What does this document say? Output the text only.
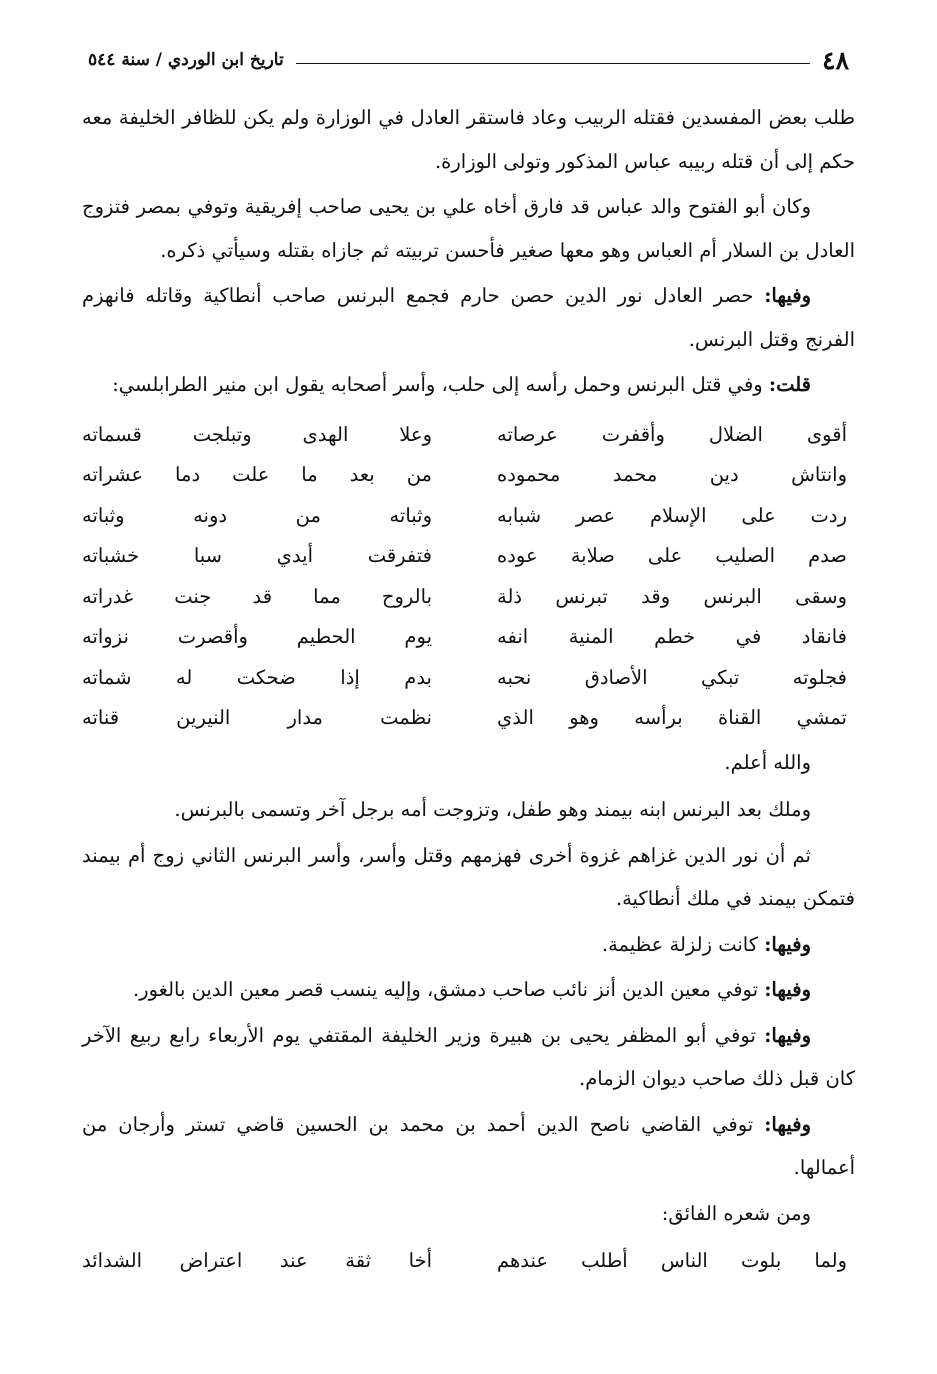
٤٨
تاريخ ابن الوردي / سنة ٥٤٤

طلب بعض المفسدين فقتله الربيب وعاد فاستقر العادل في الوزارة ولم يكن للظافر الخليفة معه حكم إلى أن قتله ربيبه عباس المذكور وتولى الوزارة.

وكان أبو الفتوح والد عباس قد فارق أخاه علي بن يحيى صاحب إفريقية وتوفي بمصر فتزوج العادل بن السلار أم العباس وهو معها صغير فأحسن تربيته ثم جازاه بقتله وسيأتي ذكره.

وفيها: حصر العادل نور الدين حصن حارم فجمع البرنس صاحب أنطاكية وقاتله فانهزم الفرنج وقتل البرنس.

قلت: وفي قتل البرنس وحمل رأسه إلى حلب، وأسر أصحابه يقول ابن منير الطرابلسي:

أقوى الضلال وأقفرت عرصاته
وعلا الهدى وتبلجت قسماته
وانتاش دين محمد محموده
من بعد ما علت دما عشراته
ردت على الإسلام عصر شبابه
وثباته من دونه وثباته
صدم الصليب على صلابة عوده
فتفرقت أيدي سبا خشباته
وسقى البرنس وقد تبرنس ذلة
بالروح مما قد جنت غدراته
فانقاد في خطم المنية انفه
يوم الحطيم وأقصرت نزواته
فجلوته تبكي الأصادق نحبه
بدم إذا ضحكت له شماته
تمشي القناة برأسه وهو الذي
نظمت مدار النيرين قناته

والله أعلم.

وملك بعد البرنس ابنه بيمند وهو طفل، وتزوجت أمه برجل آخر وتسمى بالبرنس.

ثم أن نور الدين غزاهم غزوة أخرى فهزمهم وقتل وأسر، وأسر البرنس الثاني زوج أم بيمند فتمكن بيمند في ملك أنطاكية.

وفيها: كانت زلزلة عظيمة.

وفيها: توفي معين الدين أنز نائب صاحب دمشق، وإليه ينسب قصر معين الدين بالغور.

وفيها: توفي أبو المظفر يحيى بن هبيرة وزير الخليفة المقتفي يوم الأربعاء رابع ربيع الآخر كان قبل ذلك صاحب ديوان الزمام.

وفيها: توفي القاضي ناصح الدين أحمد بن محمد بن الحسين قاضي تستر وأرجان من أعمالها.

ومن شعره الفائق:

ولما بلوت الناس أطلب عندهم
أخا ثقة عند اعتراض الشدائد
